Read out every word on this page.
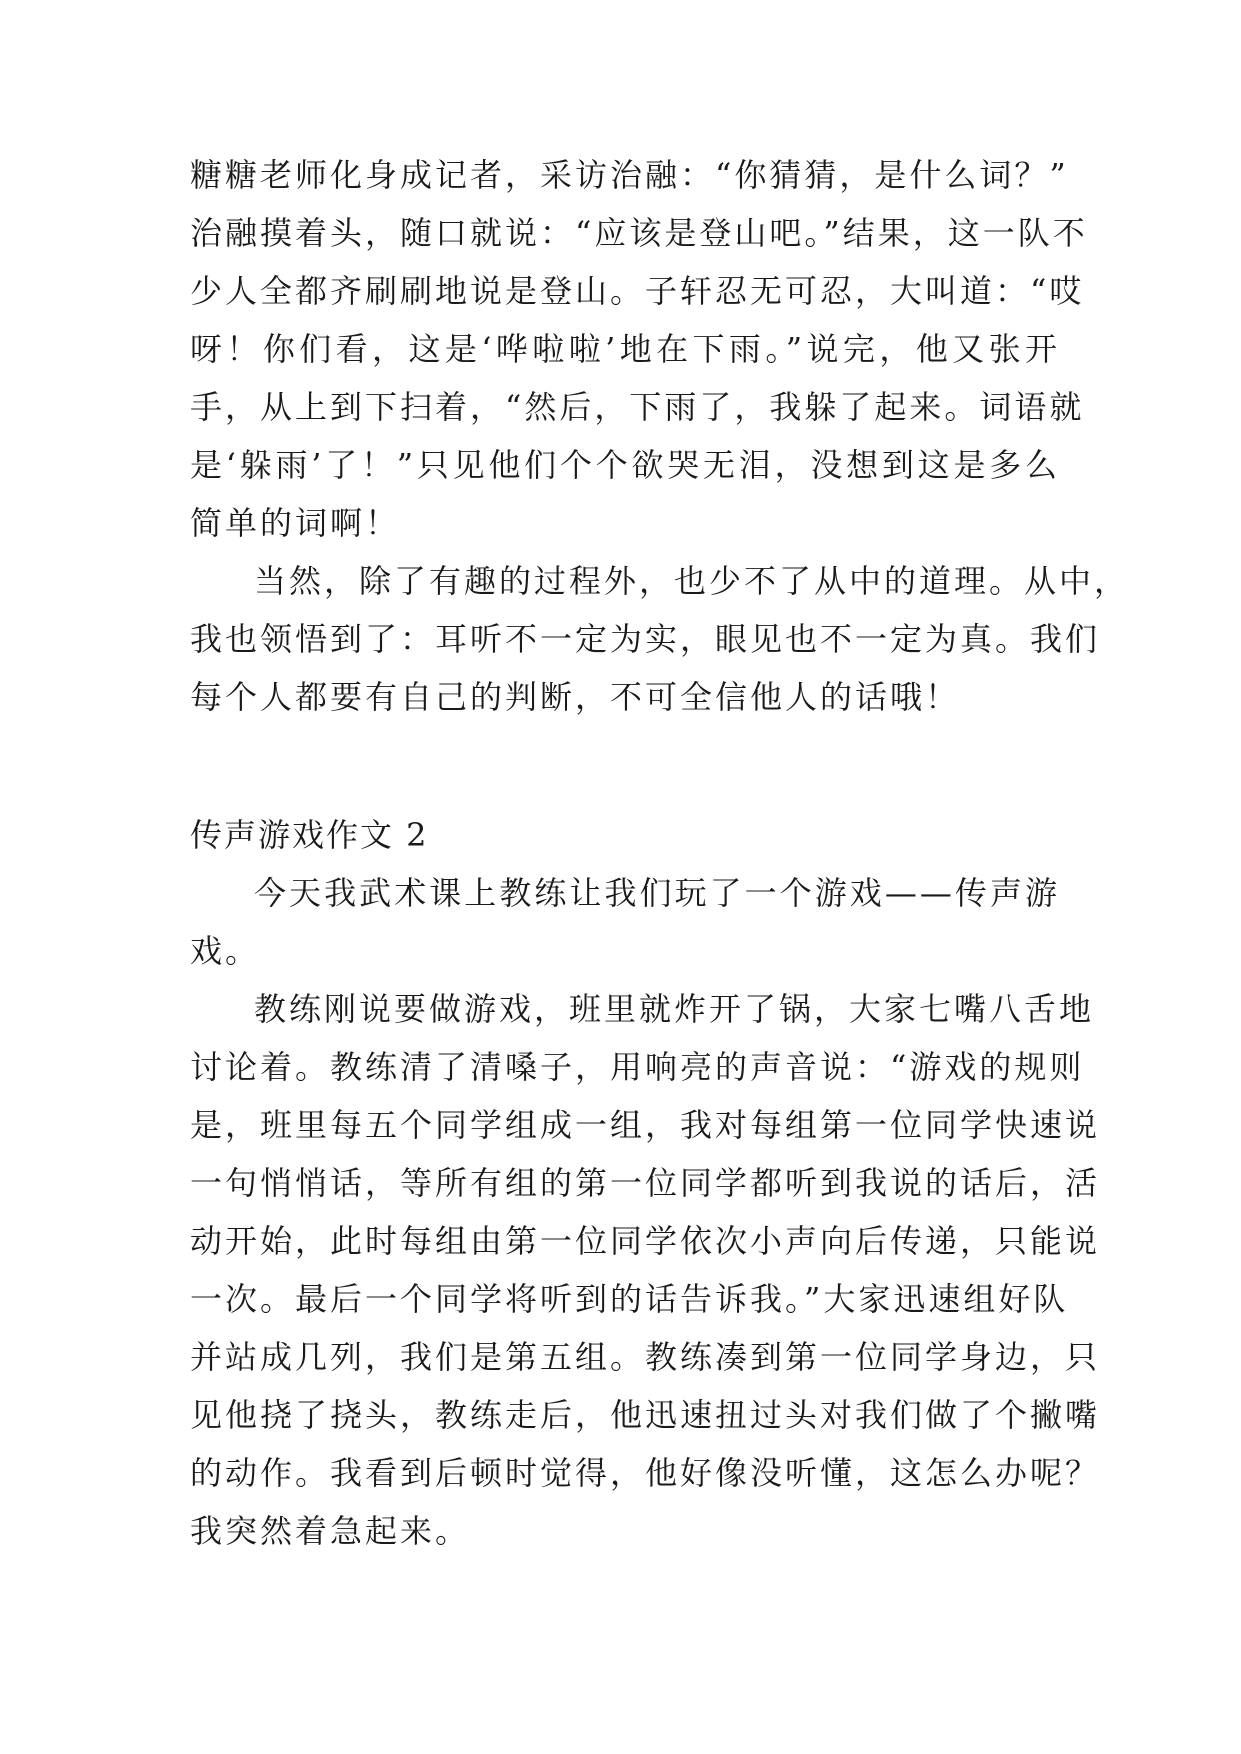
糖糖老师化身成记者，采访治融：“你猜猜，是什么词？”
治融摸着头，随口就说：“应该是登山吧。”结果，这一队不
少人全都齐刷刷地说是登山。子轩忍无可忍，大叫道：“哎
呀！你们看，这是‘哗啦啦’地在下雨。”说完，他又张开
手，从上到下扫着，“然后，下雨了，我躲了起来。词语就
是‘躲雨’了！”只见他们个个欲哭无泪，没想到这是多么
简单的词啊！
当然，除了有趣的过程外，也少不了从中的道理。从中，
我也领悟到了：耳听不一定为实，眼见也不一定为真。我们
每个人都要有自己的判断，不可全信他人的话哦！
传声游戏作文 2
今天我武术课上教练让我们玩了一个游戏——传声游
戏。
教练刚说要做游戏，班里就炸开了锅，大家七嘴八舌地
讨论着。教练清了清嗓子，用响亮的声音说：“游戏的规则
是，班里每五个同学组成一组，我对每组第一位同学快速说
一句悄悄话，等所有组的第一位同学都听到我说的话后，活
动开始，此时每组由第一位同学依次小声向后传递，只能说
一次。最后一个同学将听到的话告诉我。”大家迅速组好队
并站成几列，我们是第五组。教练凑到第一位同学身边，只
见他挠了挠头，教练走后，他迅速扭过头对我们做了个撇嘴
的动作。我看到后顿时觉得，他好像没听懂，这怎么办呢？
我突然着急起来。
